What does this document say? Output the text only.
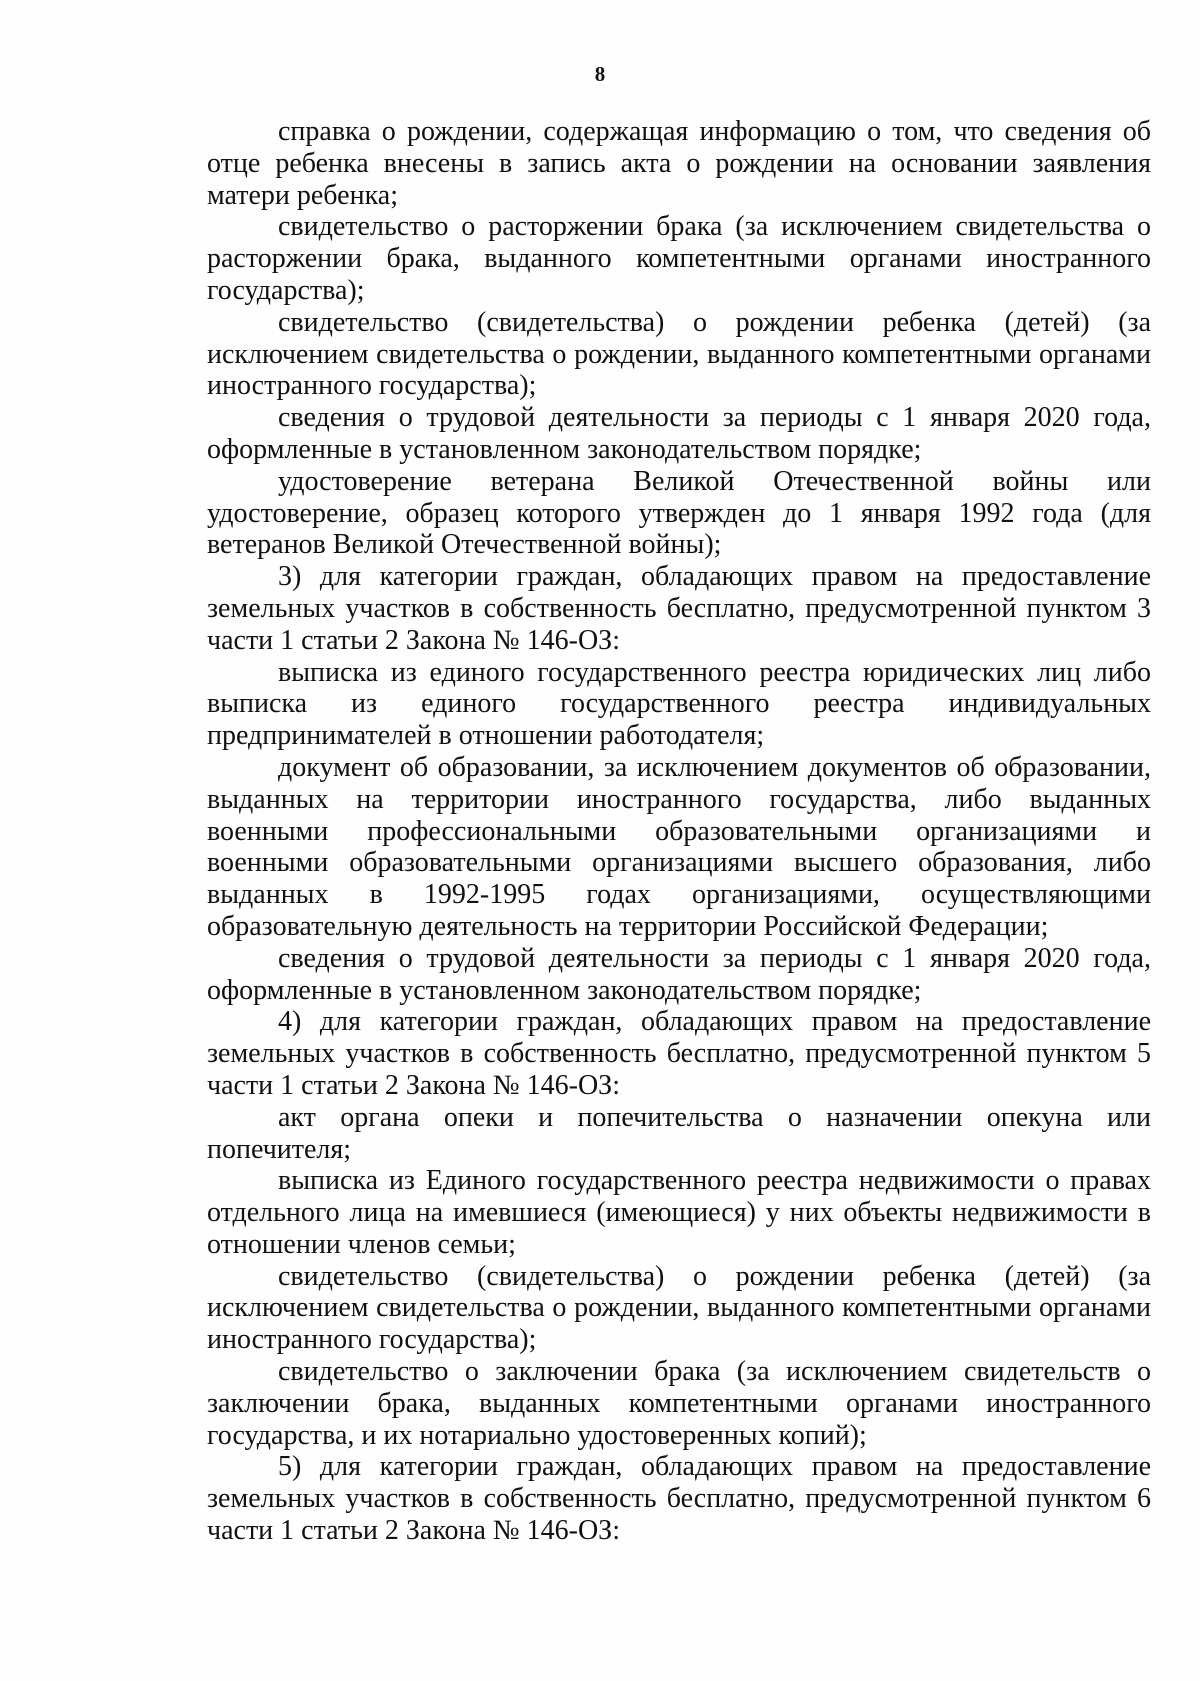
8

справка о рождении, содержащая информацию о том, что сведения об отце ребенка внесены в запись акта о рождении на основании заявления матери ребенка;

свидетельство о расторжении брака (за исключением свидетельства о расторжении брака, выданного компетентными органами иностранного государства);

свидетельство (свидетельства) о рождении ребенка (детей) (за исключением свидетельства о рождении, выданного компетентными органами иностранного государства);

сведения о трудовой деятельности за периоды с 1 января 2020 года, оформленные в установленном законодательством порядке;

удостоверение ветерана Великой Отечественной войны или удостоверение, образец которого утвержден до 1 января 1992 года (для ветеранов Великой Отечественной войны);

3) для категории граждан, обладающих правом на предоставление земельных участков в собственность бесплатно, предусмотренной пунктом 3 части 1 статьи 2 Закона № 146-ОЗ:

выписка из единого государственного реестра юридических лиц либо выписка из единого государственного реестра индивидуальных предпринимателей в отношении работодателя;

документ об образовании, за исключением документов об образовании, выданных на территории иностранного государства, либо выданных военными профессиональными образовательными организациями и военными образовательными организациями высшего образования, либо выданных в 1992-1995 годах организациями, осуществляющими образовательную деятельность на территории Российской Федерации;

сведения о трудовой деятельности за периоды с 1 января 2020 года, оформленные в установленном законодательством порядке;

4) для категории граждан, обладающих правом на предоставление земельных участков в собственность бесплатно, предусмотренной пунктом 5 части 1 статьи 2 Закона № 146-ОЗ:

акт органа опеки и попечительства о назначении опекуна или попечителя;

выписка из Единого государственного реестра недвижимости о правах отдельного лица на имевшиеся (имеющиеся) у них объекты недвижимости в отношении членов семьи;

свидетельство (свидетельства) о рождении ребенка (детей) (за исключением свидетельства о рождении, выданного компетентными органами иностранного государства);

свидетельство о заключении брака (за исключением свидетельств о заключении брака, выданных компетентными органами иностранного государства, и их нотариально удостоверенных копий);

5) для категории граждан, обладающих правом на предоставление земельных участков в собственность бесплатно, предусмотренной пунктом 6 части 1 статьи 2 Закона № 146-ОЗ:
